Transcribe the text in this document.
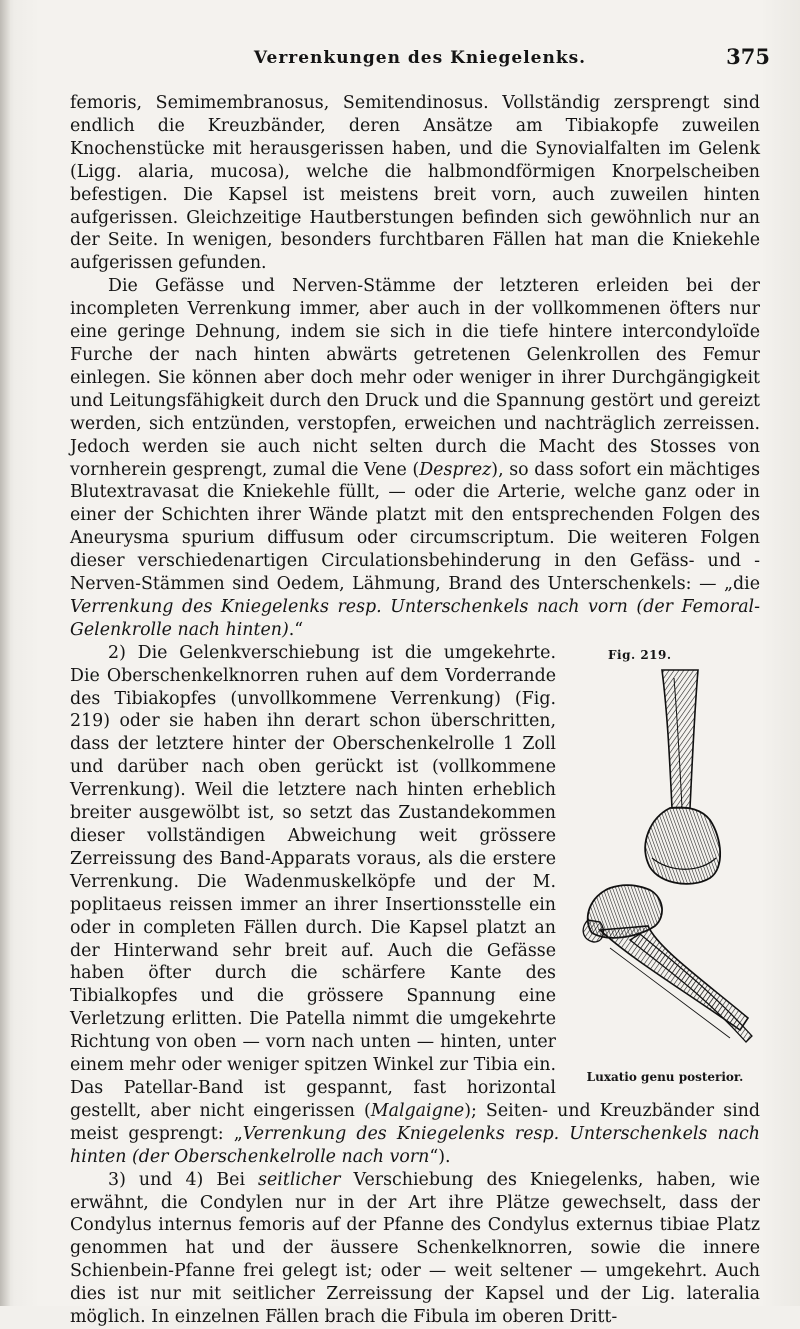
Verrenkungen des Kniegelenks.	375

femoris, Semimembranosus, Semitendinosus. Vollständig zersprengt sind endlich die Kreuzbänder, deren Ansätze am Tibiakopfe zuweilen Knochenstücke mit herausgerissen haben, und die Synovialfalten im Gelenk (Ligg. alaria, mucosa), welche die halbmondförmigen Knorpelscheiben befestigen. Die Kapsel ist meistens breit vorn, auch zuweilen hinten aufgerissen. Gleichzeitige Hautberstungen befinden sich gewöhnlich nur an der Seite. In wenigen, besonders furchtbaren Fällen hat man die Kniekehle aufgerissen gefunden.

Die Gefässe und Nerven-Stämme der letzteren erleiden bei der incompleten Verrenkung immer, aber auch in der vollkommenen öfters nur eine geringe Dehnung, indem sie sich in die tiefe hintere intercondyloïde Furche der nach hinten abwärts getretenen Gelenkrollen des Femur einlegen. Sie können aber doch mehr oder weniger in ihrer Durchgängigkeit und Leitungsfähigkeit durch den Druck und die Spannung gestört und gereizt werden, sich entzünden, verstopfen, erweichen und nachträglich zerreissen. Jedoch werden sie auch nicht selten durch die Macht des Stosses von vornherein gesprengt, zumal die Vene (Desprez), so dass sofort ein mächtiges Blutextravasat die Kniekehle füllt, — oder die Arterie, welche ganz oder in einer der Schichten ihrer Wände platzt mit den entsprechenden Folgen des Aneurysma spurium diffusum oder circumscriptum. Die weiteren Folgen dieser verschiedenartigen Circulationsbehinderung in den Gefäss- und -Nerven-Stämmen sind Oedem, Lähmung, Brand des Unterschenkels: — „die Verrenkung des Kniegelenks resp. Unterschenkels nach vorn (der Femoral-Gelenkrolle nach hinten).“

Fig. 219.
Luxatio genu posterior.

2) Die Gelenkverschiebung ist die umgekehrte. Die Oberschenkelknorren ruhen auf dem Vorderrande des Tibiakopfes (unvollkommene Verrenkung) (Fig. 219) oder sie haben ihn derart schon überschritten, dass der letztere hinter der Oberschenkelrolle 1 Zoll und darüber nach oben gerückt ist (vollkommene Verrenkung). Weil die letztere nach hinten erheblich breiter ausgewölbt ist, so setzt das Zustandekommen dieser vollständigen Abweichung weit grössere Zerreissung des Band-Apparats voraus, als die erstere Verrenkung. Die Wadenmuskelköpfe und der M. poplitaeus reissen immer an ihrer Insertionsstelle ein oder in completen Fällen durch. Die Kapsel platzt an der Hinterwand sehr breit auf. Auch die Gefässe haben öfter durch die schärfere Kante des Tibialkopfes und die grössere Spannung eine Verletzung erlitten. Die Patella nimmt die umgekehrte Richtung von oben — vorn nach unten — hinten, unter einem mehr oder weniger spitzen Winkel zur Tibia ein. Das Patellar-Band ist gespannt, fast horizontal gestellt, aber nicht eingerissen (Malgaigne); Seiten- und Kreuzbänder sind meist gesprengt: „Verrenkung des Kniegelenks resp. Unterschenkels nach hinten (der Oberschenkelrolle nach vorn“).

3) und 4) Bei seitlicher Verschiebung des Kniegelenks, haben, wie erwähnt, die Condylen nur in der Art ihre Plätze gewechselt, dass der Condylus internus femoris auf der Pfanne des Condylus externus tibiae Platz genommen hat und der äussere Schenkelknorren, sowie die innere Schienbein-Pfanne frei gelegt ist; oder — weit seltener — umgekehrt. Auch dies ist nur mit seitlicher Zerreissung der Kapsel und der Lig. lateralia möglich. In einzelnen Fällen brach die Fibula im oberen Dritt-
